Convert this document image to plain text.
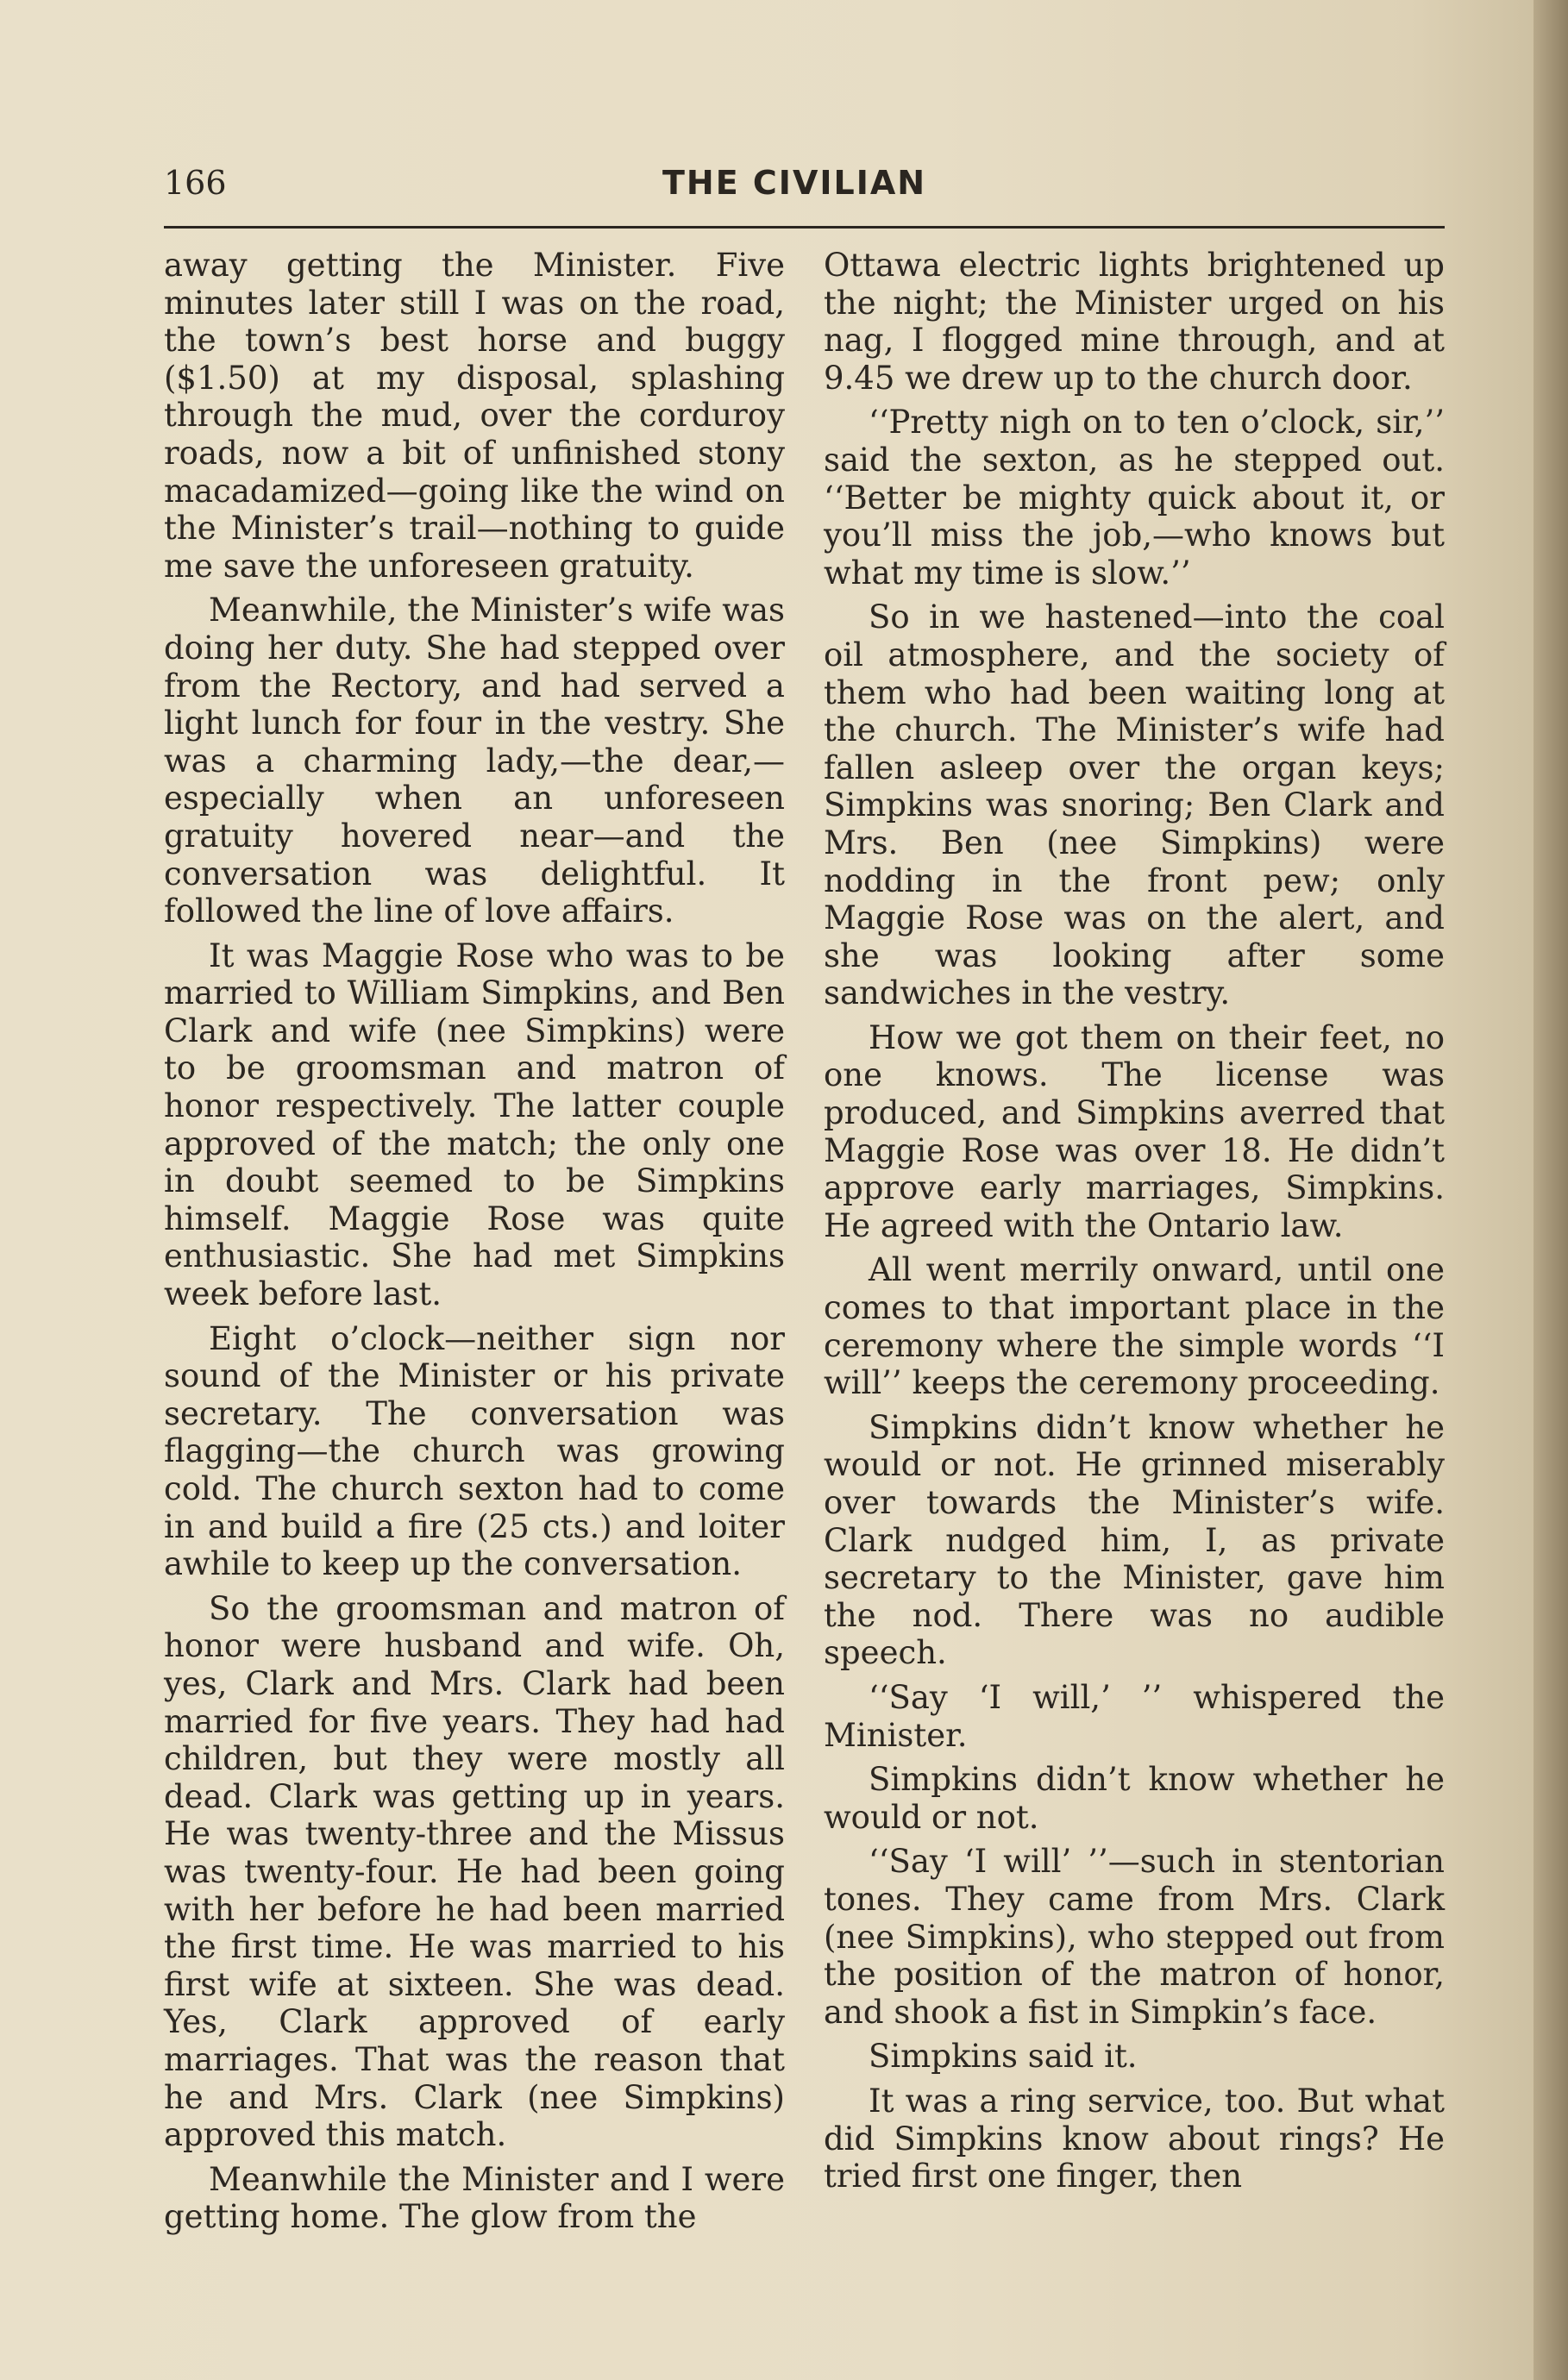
166	THE CIVILIAN

away getting the Minister. Five minutes later still I was on the road, the town’s best horse and buggy ($1.50) at my disposal, splashing through the mud, over the corduroy roads, now a bit of unfinished stony macadamized—going like the wind on the Minister’s trail—nothing to guide me save the unforeseen gratuity.

Meanwhile, the Minister’s wife was doing her duty. She had stepped over from the Rectory, and had served a light lunch for four in the vestry. She was a charming lady,—the dear,—especially when an unforeseen gratuity hovered near—and the conversation was delightful. It followed the line of love affairs.

It was Maggie Rose who was to be married to William Simpkins, and Ben Clark and wife (nee Simpkins) were to be groomsman and matron of honor respectively. The latter couple approved of the match; the only one in doubt seemed to be Simpkins himself. Maggie Rose was quite enthusiastic. She had met Simpkins week before last.

Eight o’clock—neither sign nor sound of the Minister or his private secretary. The conversation was flagging—the church was growing cold. The church sexton had to come in and build a fire (25 cts.) and loiter awhile to keep up the conversation.

So the groomsman and matron of honor were husband and wife. Oh, yes, Clark and Mrs. Clark had been married for five years. They had had children, but they were mostly all dead. Clark was getting up in years. He was twenty-three and the Missus was twenty-four. He had been going with her before he had been married the first time. He was married to his first wife at sixteen. She was dead. Yes, Clark approved of early marriages. That was the reason that he and Mrs. Clark (nee Simpkins) approved this match.

Meanwhile the Minister and I were getting home. The glow from the

Ottawa electric lights brightened up the night; the Minister urged on his nag, I flogged mine through, and at 9.45 we drew up to the church door.

‘‘Pretty nigh on to ten o’clock, sir,’’ said the sexton, as he stepped out. ‘‘Better be mighty quick about it, or you’ll miss the job,—who knows but what my time is slow.’’

So in we hastened—into the coal oil atmosphere, and the society of them who had been waiting long at the church. The Minister’s wife had fallen asleep over the organ keys; Simpkins was snoring; Ben Clark and Mrs. Ben (nee Simpkins) were nodding in the front pew; only Maggie Rose was on the alert, and she was looking after some sandwiches in the vestry.

How we got them on their feet, no one knows. The license was produced, and Simpkins averred that Maggie Rose was over 18. He didn’t approve early marriages, Simpkins. He agreed with the Ontario law.

All went merrily onward, until one comes to that important place in the ceremony where the simple words ‘‘I will’’ keeps the ceremony proceeding.

Simpkins didn’t know whether he would or not. He grinned miserably over towards the Minister’s wife. Clark nudged him, I, as private secretary to the Minister, gave him the nod. There was no audible speech.

‘‘Say ‘I will,’ ’’ whispered the Minister.

Simpkins didn’t know whether he would or not.

‘‘Say ‘I will’ ’’—such in stentorian tones. They came from Mrs. Clark (nee Simpkins), who stepped out from the position of the matron of honor, and shook a fist in Simpkin’s face.

Simpkins said it.

It was a ring service, too. But what did Simpkins know about rings? He tried first one finger, then
